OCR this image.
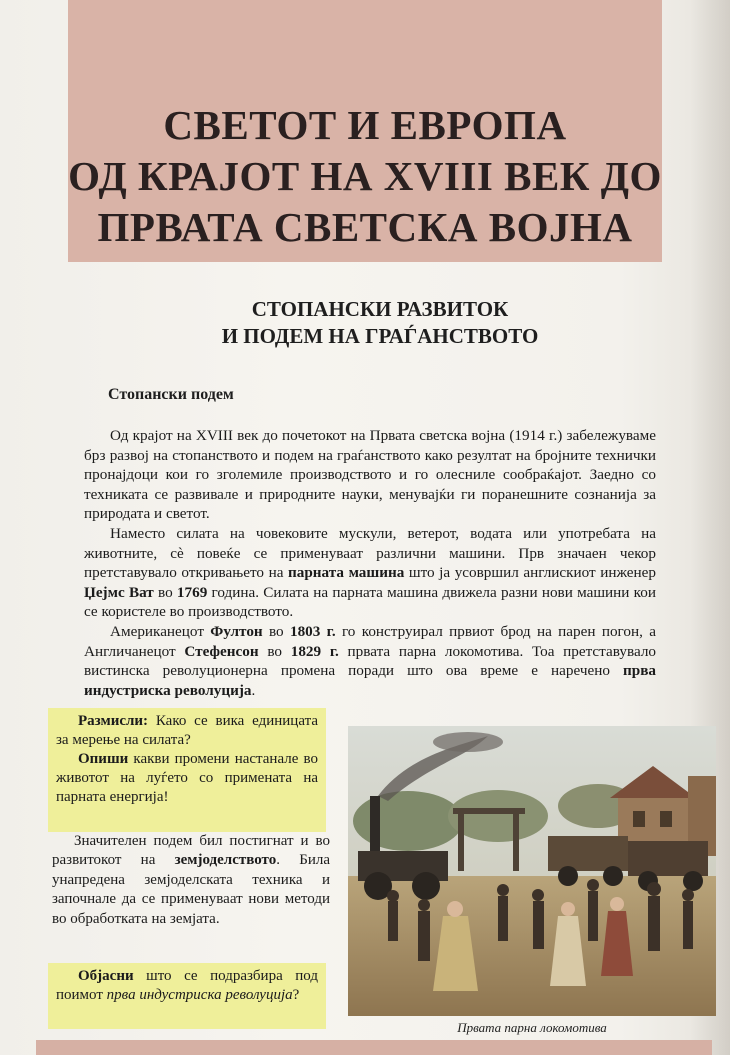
СВЕТОТ И ЕВРОПА
ОД КРАЈОТ НА XVIII ВЕК ДО
ПРВАТА СВЕТСКА ВОЈНА
СТОПАНСКИ РАЗВИТОК
И ПОДЕМ НА ГРАЃАНСТВОТО
Стопански подем

Од крајот на XVIII век до почетокот на Првата светска војна (1914 г.) забележуваме брз развој на стопанството и подем на граѓанството како резултат на бројните технички пронајдоци кои го зголемиле производството и го олесниле сообраќајот. Заедно со техниката се развивале и природните науки, менувајќи ги поранешните сознанија за природата и светот.

Наместо силата на човековите мускули, ветерот, водата или употребата на животните, сè повеќе се применуваат различни машини. Прв значаен чекор претставувало откривањето на парната машина што ја усовршил англискиот инженер Џејмс Ват во 1769 година. Силата на парната машина движела разни нови машини кои се користеле во производството.

Американецот Фултон во 1803 г. го конструирал првиот брод на парен погон, а Англичанецот Стефенсон во 1829 г. првата парна локомотива. Тоа претставувало вистинска револуционерна промена поради што ова време е наречено прва индустриска револуција.

Размисли: Како се вика единицата за мерење на силата?

Опиши какви промени настанале во животот на луѓето со примената на парната енергија!

Значителен подем бил постигнат и во развитокот на земјоделството. Била унапредена земјоделската техника и започнале да се применуваат нови методи во обработката на земјата.

Објасни што се подразбира под поимот прва индустриска револуција?

Првата парна локомотива
